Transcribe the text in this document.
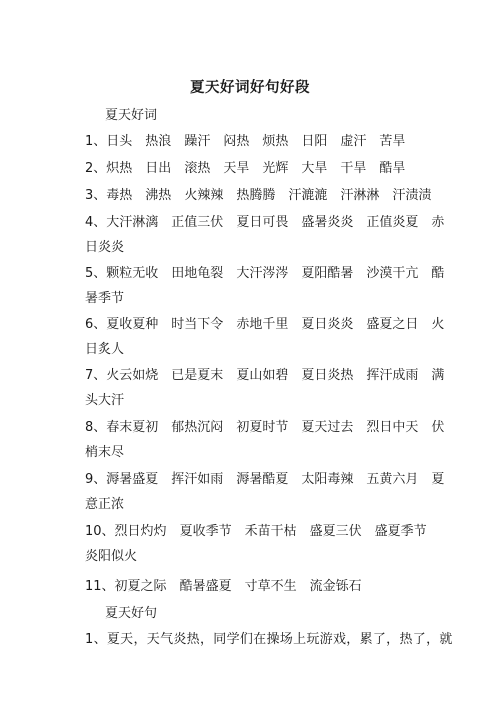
夏天好词好句好段
夏天好词
1、日头 热浪 躁汗 闷热 烦热 日阳 虚汗 苦旱
2、炽热 日出 滚热 天旱 光辉 大旱 干旱 酷旱
3、毒热 沸热 火辣辣 热腾腾 汗漉漉 汗淋淋 汗渍渍
4、大汗淋漓 正值三伏 夏日可畏 盛暑炎炎 正值炎夏 赤
日炎炎
5、颗粒无收 田地龟裂 大汗涔涔 夏阳酷暑 沙漠干亢 酷
暑季节
6、夏收夏种 时当下令 赤地千里 夏日炎炎 盛夏之日 火
日炙人
7、火云如烧 已是夏末 夏山如碧 夏日炎热 挥汗成雨 满
头大汗
8、春末夏初 郁热沉闷 初夏时节 夏天过去 烈日中天 伏
梢末尽
9、溽暑盛夏 挥汗如雨 溽暑酷夏 太阳毒辣 五黄六月 夏
意正浓
10、烈日灼灼 夏收季节 禾苗干枯 盛夏三伏 盛夏季节
炎阳似火
11、初夏之际 酷暑盛夏 寸草不生 流金铄石
夏天好句
1、夏天，天气炎热，同学们在操场上玩游戏，累了，热了，就
